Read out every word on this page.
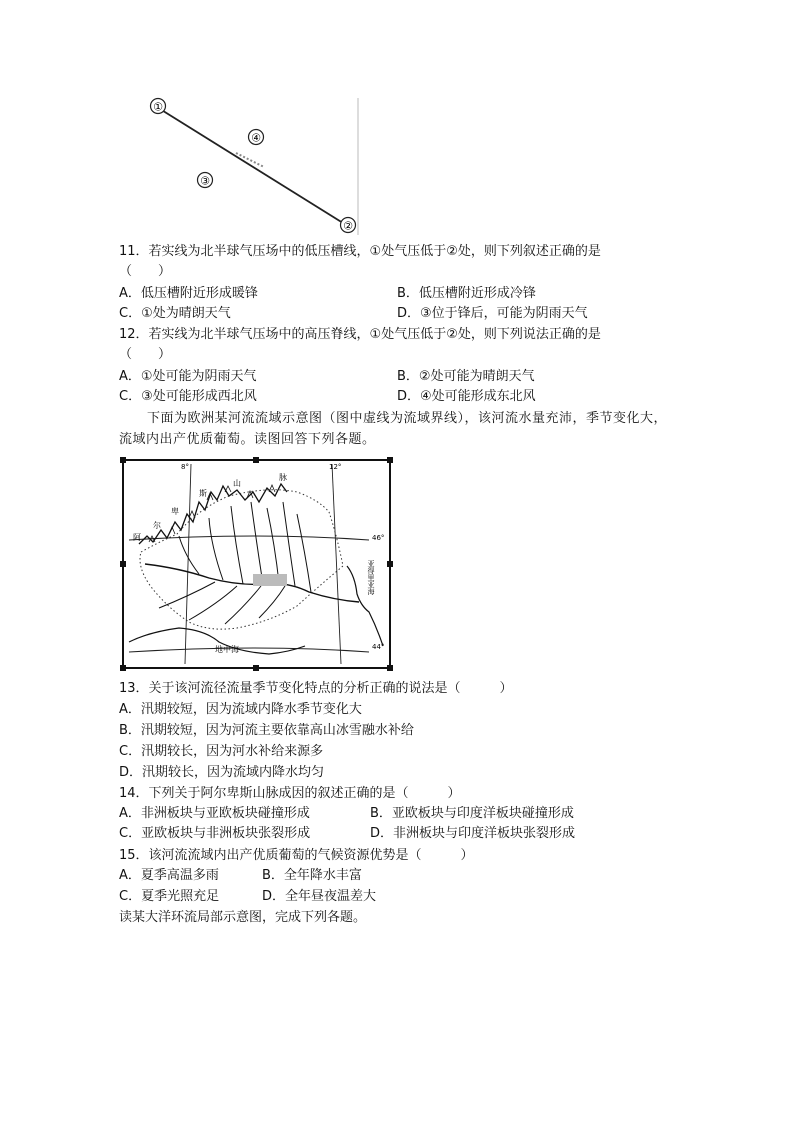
①
②
③
④
11．若实线为北半球气压场中的低压槽线，①处气压低于②处，则下列叙述正确的是
（　　）
A．低压槽附近形成暖锋	B．低压槽附近形成冷锋
C．①处为晴朗天气	D．③位于锋后，可能为阴雨天气
12．若实线为北半球气压场中的高压脊线，①处气压低于②处，则下列说法正确的是
（　　）
A．①处可能为阴雨天气	B．②处可能为晴朗天气
C．③处可能形成西北风	D．④处可能形成东北风
下面为欧洲某河流流域示意图（图中虚线为流域界线），该河流水量充沛，季节变化大，流域内出产优质葡萄。读图回答下列各题。
8°	12°
46°
44°
阿
尔
卑
斯
山
脉
亚得里亚海
地中海
13．关于该河流径流量季节变化特点的分析正确的说法是（　　　）
A．汛期较短，因为流域内降水季节变化大
B．汛期较短，因为河流主要依靠高山冰雪融水补给
C．汛期较长，因为河水补给来源多
D．汛期较长，因为流域内降水均匀
14．下列关于阿尔卑斯山脉成因的叙述正确的是（　　　）
A．非洲板块与亚欧板块碰撞形成	B．亚欧板块与印度洋板块碰撞形成
C．亚欧板块与非洲板块张裂形成	D．非洲板块与印度洋板块张裂形成
15．该河流流域内出产优质葡萄的气候资源优势是（　　　）
A．夏季高温多雨	B．全年降水丰富
C．夏季光照充足	D．全年昼夜温差大
读某大洋环流局部示意图，完成下列各题。
